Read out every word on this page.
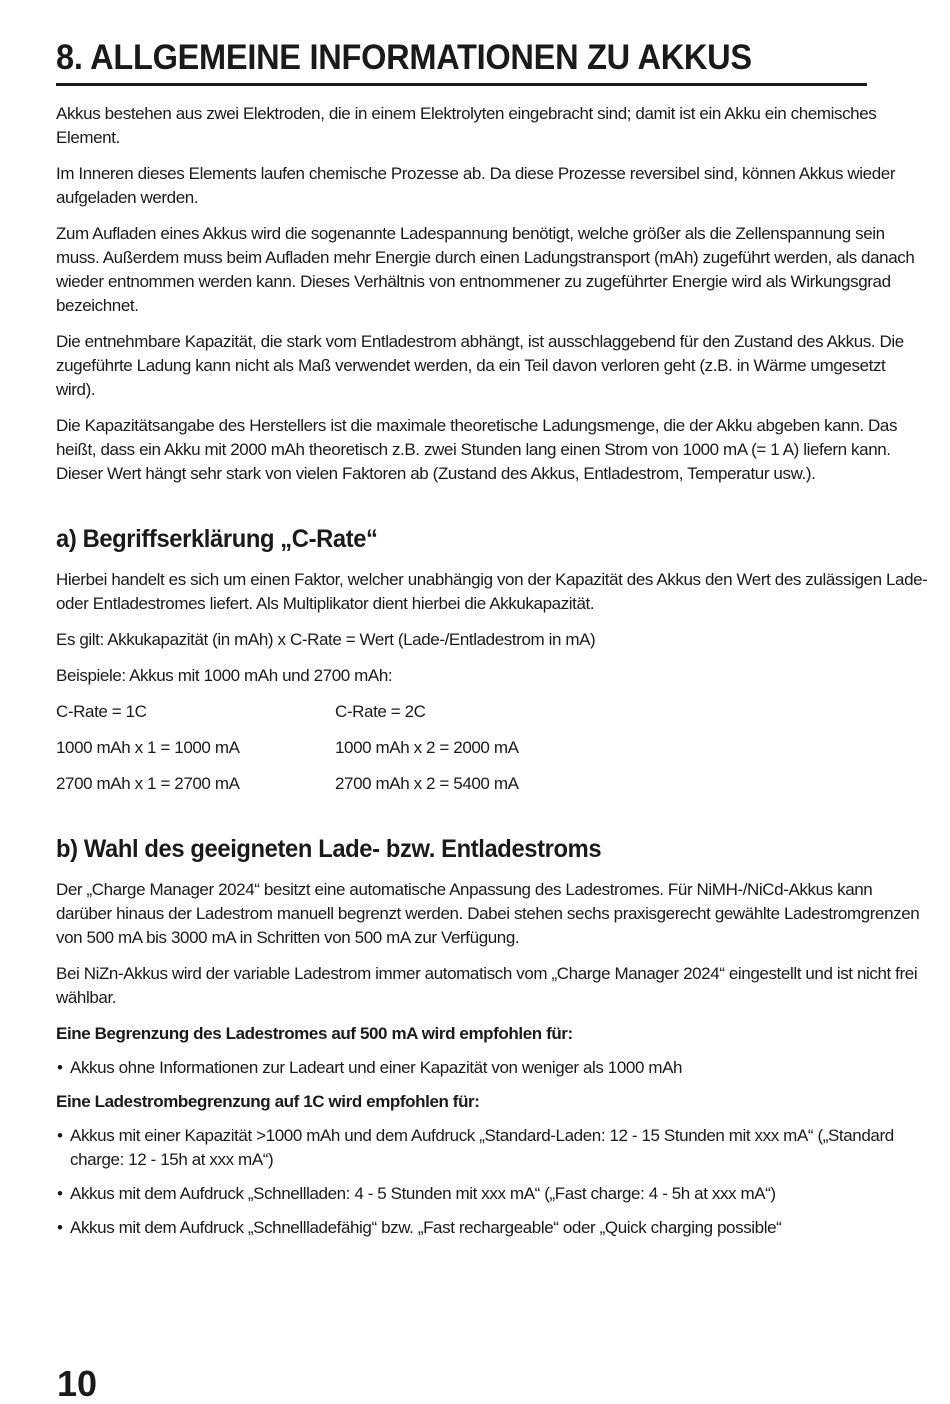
8. ALLGEMEINE INFORMATIONEN ZU AKKUS

Akkus bestehen aus zwei Elektroden, die in einem Elektrolyten eingebracht sind; damit ist ein Akku ein chemisches Element.

Im Inneren dieses Elements laufen chemische Prozesse ab. Da diese Prozesse reversibel sind, können Akkus wieder aufgeladen werden.

Zum Aufladen eines Akkus wird die sogenannte Ladespannung benötigt, welche größer als die Zellenspannung sein muss. Außerdem muss beim Aufladen mehr Energie durch einen Ladungstransport (mAh) zugeführt werden, als danach wieder entnommen werden kann. Dieses Verhältnis von entnommener zu zugeführter Energie wird als Wirkungsgrad bezeichnet.

Die entnehmbare Kapazität, die stark vom Entladestrom abhängt, ist ausschlaggebend für den Zustand des Akkus. Die zugeführte Ladung kann nicht als Maß verwendet werden, da ein Teil davon verloren geht (z.B. in Wärme umgesetzt wird).

Die Kapazitätsangabe des Herstellers ist die maximale theoretische Ladungsmenge, die der Akku abgeben kann. Das heißt, dass ein Akku mit 2000 mAh theoretisch z.B. zwei Stunden lang einen Strom von 1000 mA (= 1 A) liefern kann. Dieser Wert hängt sehr stark von vielen Faktoren ab (Zustand des Akkus, Entladestrom, Temperatur usw.).

a) Begriffserklärung „C-Rate“

Hierbei handelt es sich um einen Faktor, welcher unabhängig von der Kapazität des Akkus den Wert des zulässigen Lade- oder Entladestromes liefert. Als Multiplikator dient hierbei die Akkukapazität.

Es gilt: Akkukapazität (in mAh) x C-Rate = Wert (Lade-/Entladestrom in mA)

Beispiele: Akkus mit 1000 mAh und 2700 mAh:

C-Rate = 1C	C-Rate = 2C
1000 mAh x 1 = 1000 mA	1000 mAh x 2 = 2000 mA
2700 mAh x 1 = 2700 mA	2700 mAh x 2 = 5400 mA
b) Wahl des geeigneten Lade- bzw. Entladestroms

Der „Charge Manager 2024“ besitzt eine automatische Anpassung des Ladestromes. Für NiMH-/NiCd-Akkus kann darüber hinaus der Ladestrom manuell begrenzt werden. Dabei stehen sechs praxisgerecht gewählte Ladestromgrenzen von 500 mA bis 3000 mA in Schritten von 500 mA zur Verfügung.

Bei NiZn-Akkus wird der variable Ladestrom immer automatisch vom „Charge Manager 2024“ eingestellt und ist nicht frei wählbar.

Eine Begrenzung des Ladestromes auf 500 mA wird empfohlen für:

• Akkus ohne Informationen zur Ladeart und einer Kapazität von weniger als 1000 mAh

Eine Ladestrombegrenzung auf 1C wird empfohlen für:

• Akkus mit einer Kapazität >1000 mAh und dem Aufdruck „Standard-Laden: 12 - 15 Stunden mit xxx mA“ („Standard charge: 12 - 15h at xxx mA“)
• Akkus mit dem Aufdruck „Schnellladen: 4 - 5 Stunden mit xxx mA“ („Fast charge: 4 - 5h at xxx mA“)
• Akkus mit dem Aufdruck „Schnellladefähig“ bzw. „Fast rechargeable“ oder „Quick charging possible“
10
